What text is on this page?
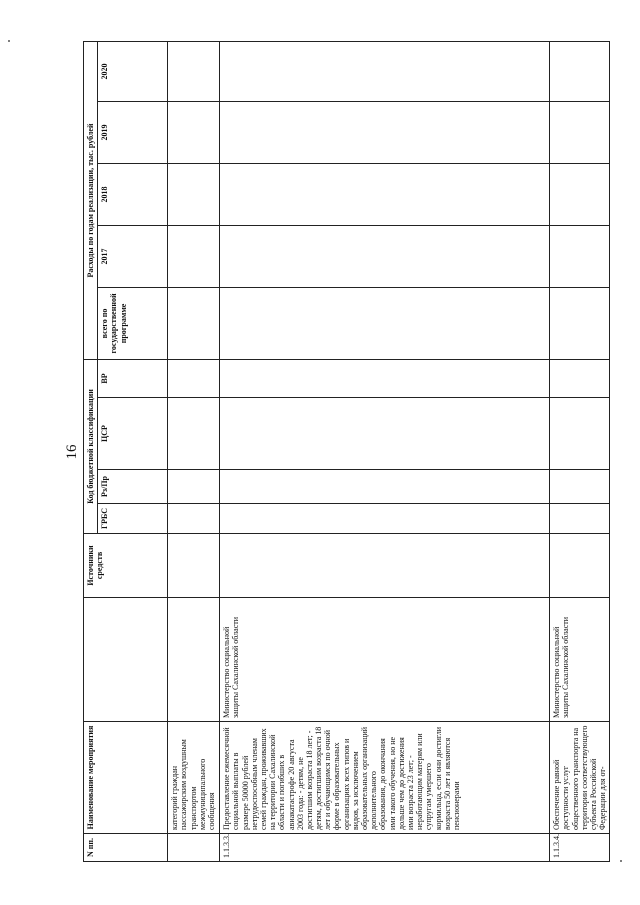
16
N пп.	Наименование мероприятия		Источники средств	Код бюджетной классификации				Расходы по годам реализации, тыс. рублей				
				ГРБС	Рз/Пр	ЦСР	ВР	всего по государственной программе	2017	2018	2019	2020
	категорий граждан пассажирским воздушным транспортом межмуниципального сообщения											
1.1.3.3.	Предоставление ежемесячной социальной выплаты в размере 50000 рублей нетрудоспособным членам семей граждан, проживавших на территории Сахалинской области и погибших в авиакатастрофе 20 августа 2003 года: - детям, не достигшим возраста 18 лет; - детям, достигшим возраста 18 лет и обучающимся по очной форме в образовательных организациях всех типов и видов, за исключением образовательных организаций дополнительного образования, до окончания ими такого обучения, но не дольше чем до достижения ими возраста 23 лет; - неработающим матерям или супругам умершего кормильца, если они достигли возраста 50 лет и являются пенсионерами	Министерство социальной защиты Сахалинской области										
1.1.3.4.	Обеспечение равной доступности услуг общественного транспорта на территории соответствующего субъекта Российской Федерации для от-	Министерство социальной защиты Сахалинской области										
